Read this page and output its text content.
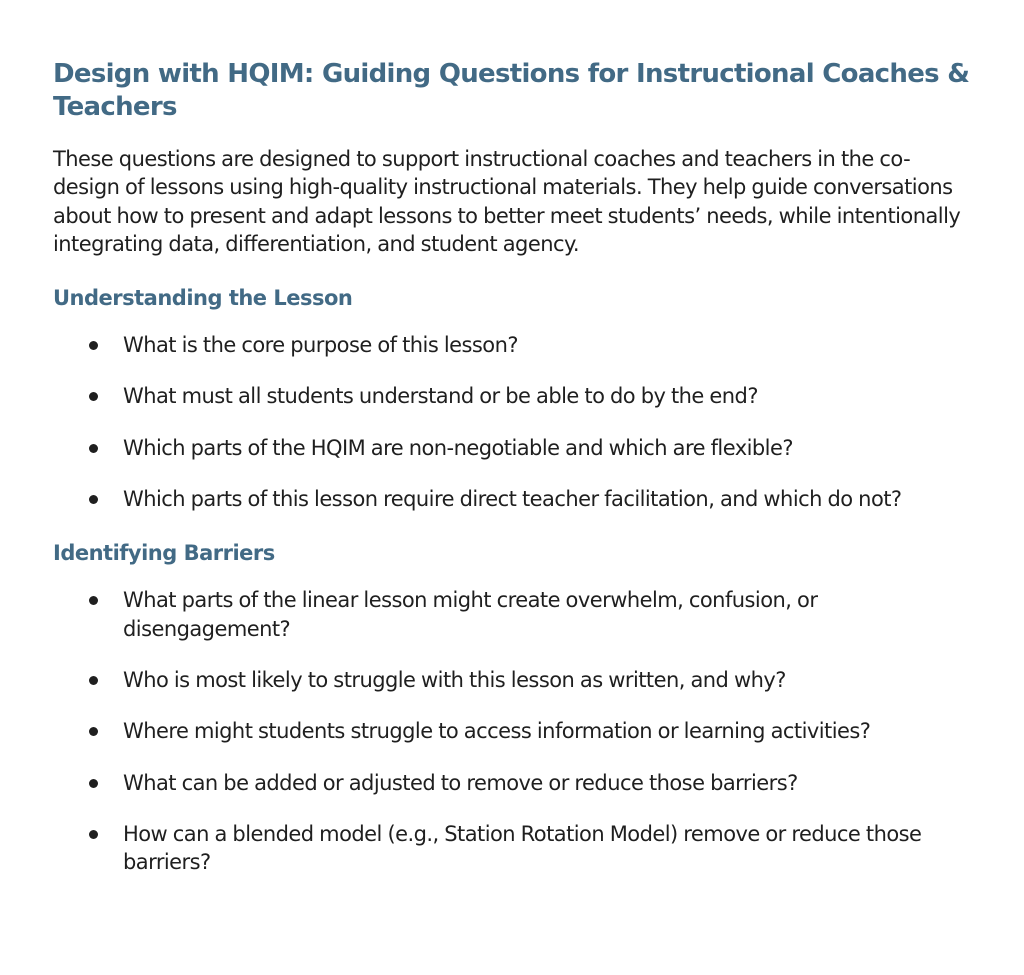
Design with HQIM: Guiding Questions for Instructional Coaches & Teachers

These questions are designed to support instructional coaches and teachers in the co-design of lessons using high-quality instructional materials. They help guide conversations about how to present and adapt lessons to better meet students’ needs, while intentionally integrating data, differentiation, and student agency.

Understanding the Lesson
What is the core purpose of this lesson?
What must all students understand or be able to do by the end?
Which parts of the HQIM are non-negotiable and which are flexible?
Which parts of this lesson require direct teacher facilitation, and which do not?
Identifying Barriers
What parts of the linear lesson might create overwhelm, confusion, or disengagement?
Who is most likely to struggle with this lesson as written, and why?
Where might students struggle to access information or learning activities?
What can be added or adjusted to remove or reduce those barriers?
How can a blended model (e.g., Station Rotation Model) remove or reduce those barriers?
